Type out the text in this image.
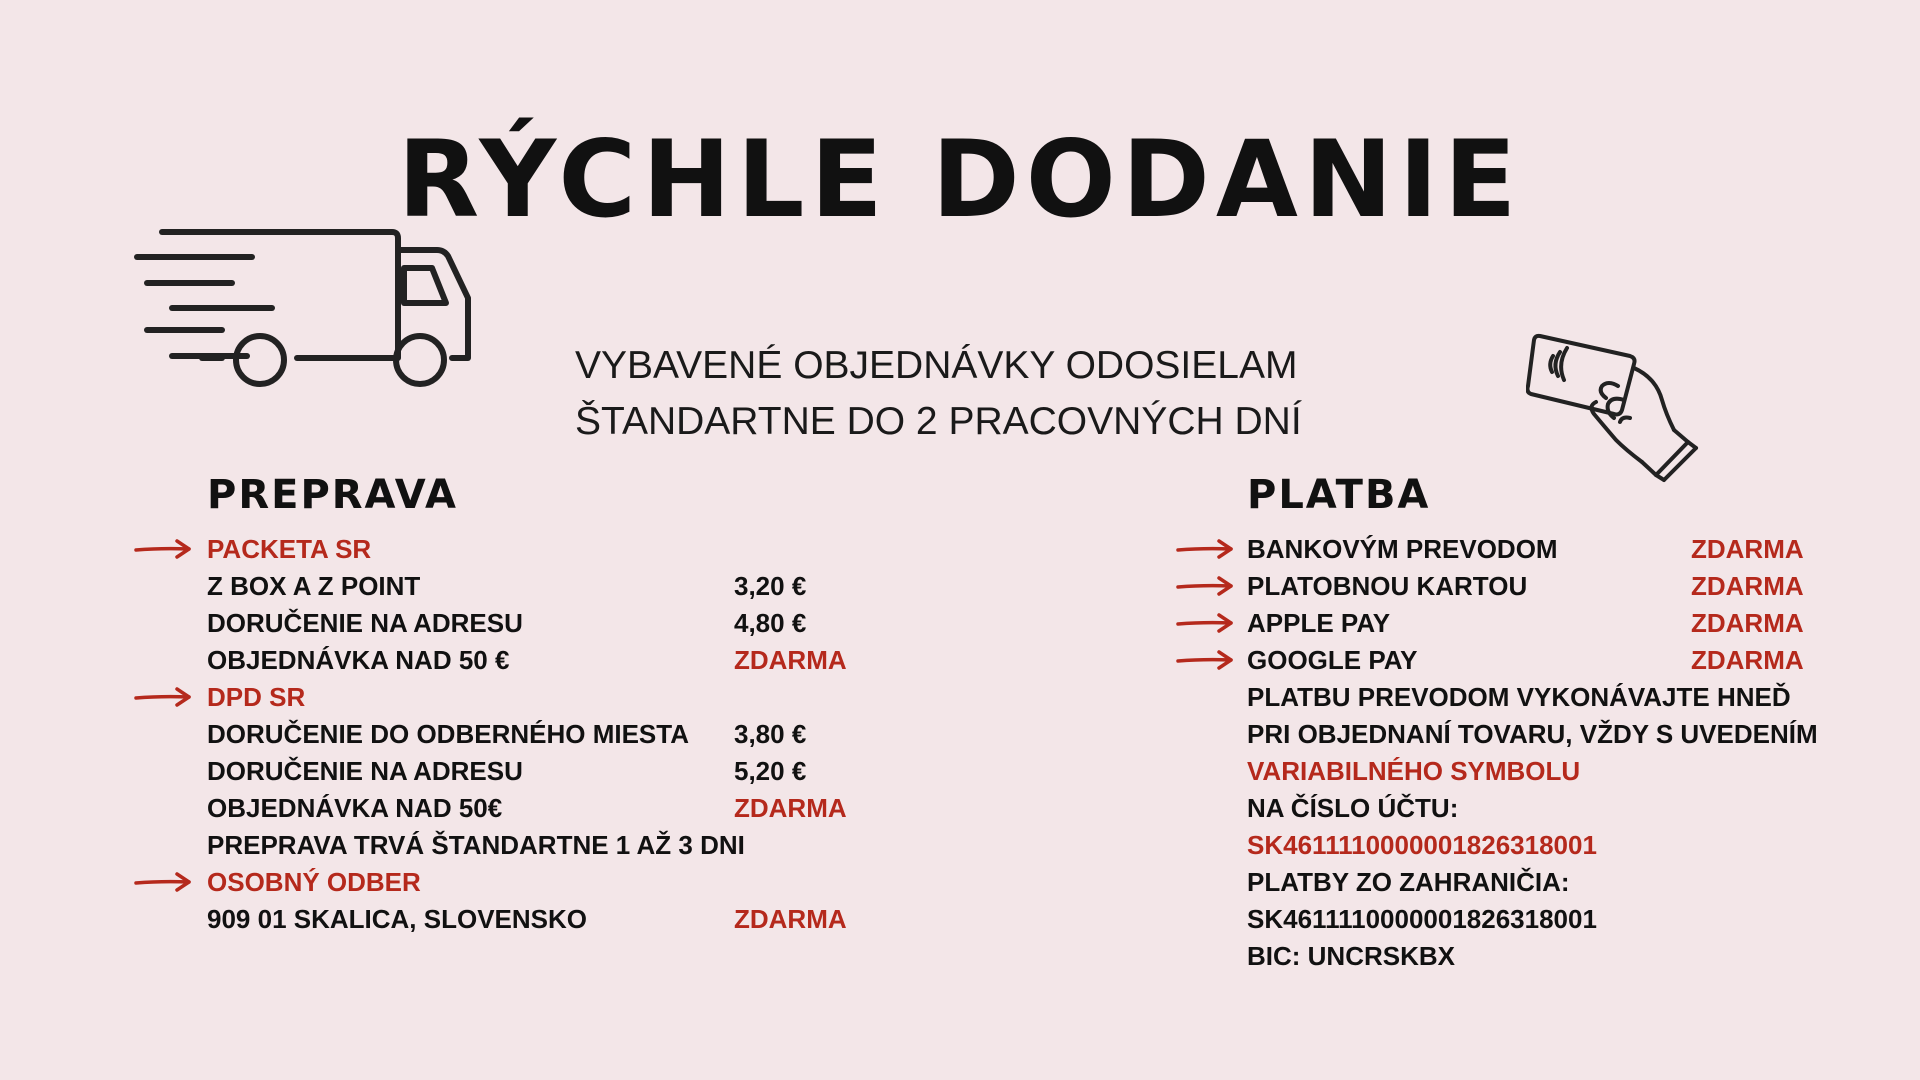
RÝCHLE DODANIE
VYBAVENÉ OBJEDNÁVKY ODOSIELAM
ŠTANDARTNE DO 2 PRACOVNÝCH DNÍ
PREPRAVA
PACKETA SR
Z BOX A Z POINT	3,20 €
DORUČENIE NA ADRESU	4,80 €
OBJEDNÁVKA NAD 50 €	ZDARMA
DPD SR
DORUČENIE DO ODBERNÉHO MIESTA 3,80 €
DORUČENIE NA ADRESU	5,20 €
OBJEDNÁVKA NAD 50€	ZDARMA
PREPRAVA TRVÁ ŠTANDARTNE 1 AŽ 3 DNI
OSOBNÝ ODBER
909 01 SKALICA, SLOVENSKO	ZDARMA
PLATBA
BANKOVÝM PREVODOM	ZDARMA
PLATOBNOU KARTOU	ZDARMA
APPLE PAY	ZDARMA
GOOGLE PAY	ZDARMA
PLATBU PREVODOM VYKONÁVAJTE HNEĎ
PRI OBJEDNANÍ TOVARU, VŽDY S UVEDENÍM
VARIABILNÉHO SYMBOLU
NA ČÍSLO ÚČTU:
SK4611110000001826318001
PLATBY ZO ZAHRANIČIA:
SK4611110000001826318001
BIC: UNCRSKBX
